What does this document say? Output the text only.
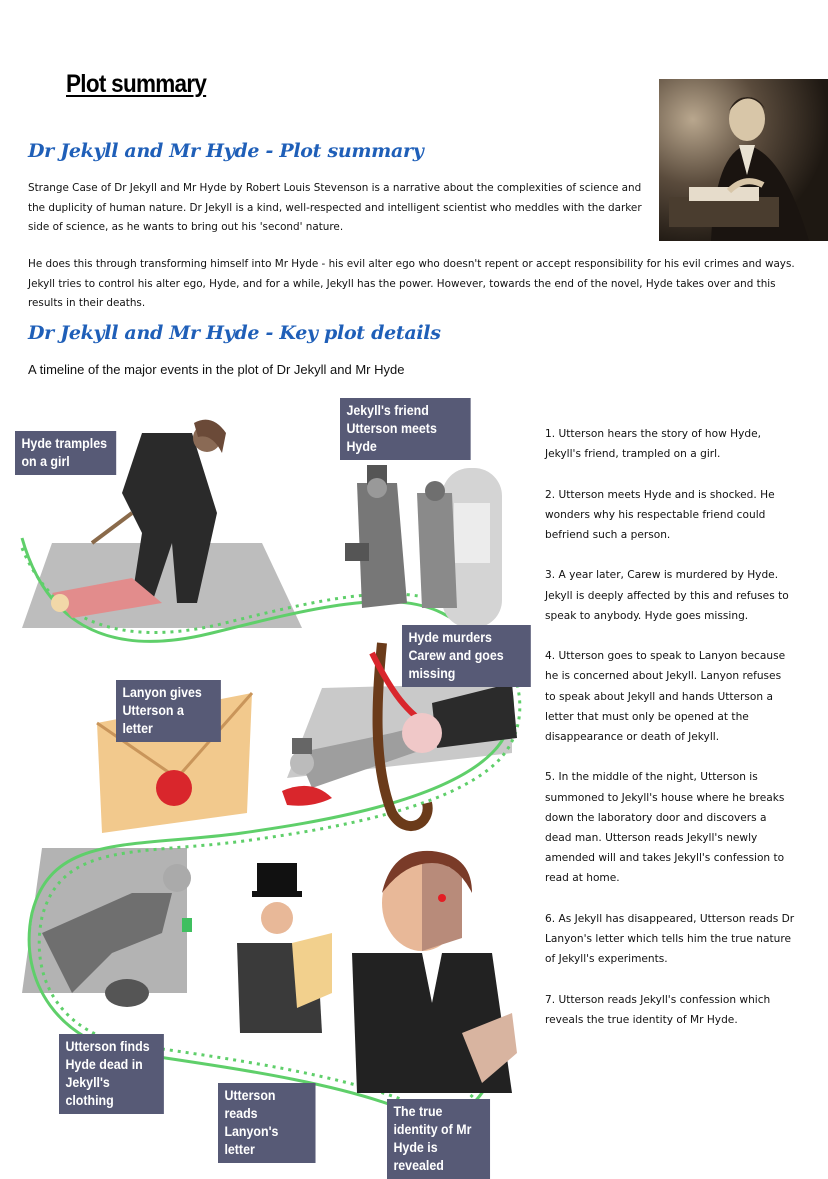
Plot summary
Dr Jekyll and Mr Hyde - Plot summary
Strange Case of Dr Jekyll and Mr Hyde by Robert Louis Stevenson is a narrative about the complexities of science and the duplicity of human nature. Dr Jekyll is a kind, well-respected and intelligent scientist who meddles with the darker side of science, as he wants to bring out his 'second' nature.
He does this through transforming himself into Mr Hyde - his evil alter ego who doesn't repent or accept responsibility for his evil crimes and ways. Jekyll tries to control his alter ego, Hyde, and for a while, Jekyll has the power. However, towards the end of the novel, Hyde takes over and this results in their deaths.
Dr Jekyll and Mr Hyde - Key plot details
A timeline of the major events in the plot of Dr Jekyll and Mr Hyde
Hyde tramples on a girl
Jekyll's friend Utterson meets Hyde
Hyde murders Carew and goes missing
Lanyon gives Utterson a letter
Utterson finds Hyde dead in Jekyll's clothing	Utterson reads Lanyon's letter
The true identity of Mr Hyde is revealed

1. Utterson hears the story of how Hyde, Jekyll's friend, trampled on a girl.

2. Utterson meets Hyde and is shocked. He wonders why his respectable friend could befriend such a person.

3. A year later, Carew is murdered by Hyde. Jekyll is deeply affected by this and refuses to speak to anybody. Hyde goes missing.

4. Utterson goes to speak to Lanyon because he is concerned about Jekyll. Lanyon refuses to speak about Jekyll and hands Utterson a letter that must only be opened at the disappearance or death of Jekyll.

5. In the middle of the night, Utterson is summoned to Jekyll's house where he breaks down the laboratory door and discovers a dead man. Utterson reads Jekyll's newly amended will and takes Jekyll's confession to read at home.

6. As Jekyll has disappeared, Utterson reads Dr Lanyon's letter which tells him the true nature of Jekyll's experiments.

7. Utterson reads Jekyll's confession which reveals the true identity of Mr Hyde.
